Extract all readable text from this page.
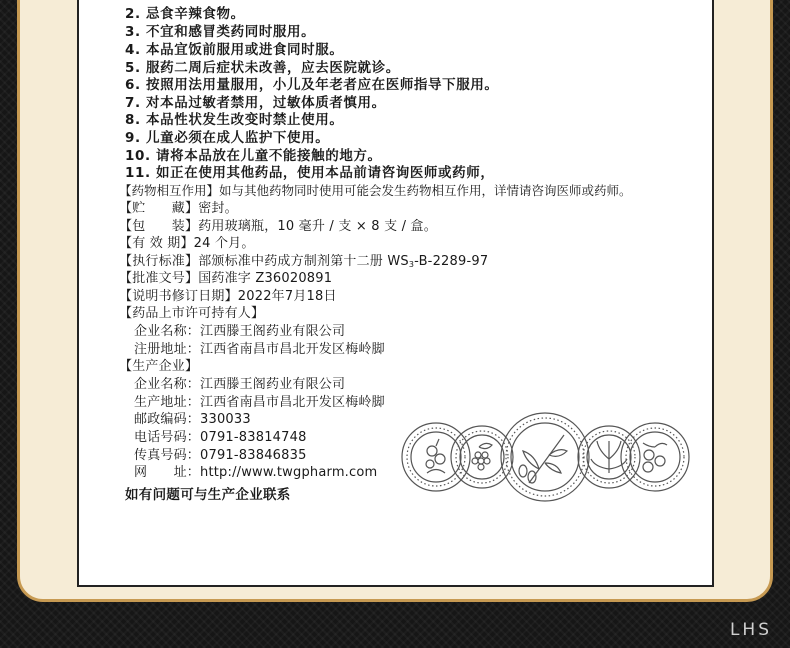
2. 忌食辛辣食物。
3. 不宜和感冒类药同时服用。
4. 本品宜饭前服用或进食同时服。
5. 服药二周后症状未改善，应去医院就诊。
6. 按照用法用量服用，小儿及年老者应在医师指导下服用。
7. 对本品过敏者禁用，过敏体质者慎用。
8. 本品性状发生改变时禁止使用。
9. 儿童必须在成人监护下使用。
10. 请将本品放在儿童不能接触的地方。
11. 如正在使用其他药品，使用本品前请咨询医师或药师，
【药物相互作用】如与其他药物同时使用可能会发生药物相互作用，详情请咨询医师或药师。
【贮　　藏】密封。
【包　　装】药用玻璃瓶，10 毫升 / 支 × 8 支 / 盒。
【有 效 期】24 个月。
【执行标准】部颁标准中药成方制剂第十二册 $WS_3-B-2289-97$
【批准文号】国药准字 Z36020891
【说明书修订日期】2022年7月18日
【药品上市许可持有人】
企业名称：江西滕王阁药业有限公司
注册地址：江西省南昌市昌北开发区梅岭脚
【生产企业】
企业名称：江西滕王阁药业有限公司
生产地址：江西省南昌市昌北开发区梅岭脚
邮政编码：330033
电话号码：0791-83814748
传真号码：0791-83846835
网　　址：http://www.twgpharm.com
如有问题可与生产企业联系
LHS
